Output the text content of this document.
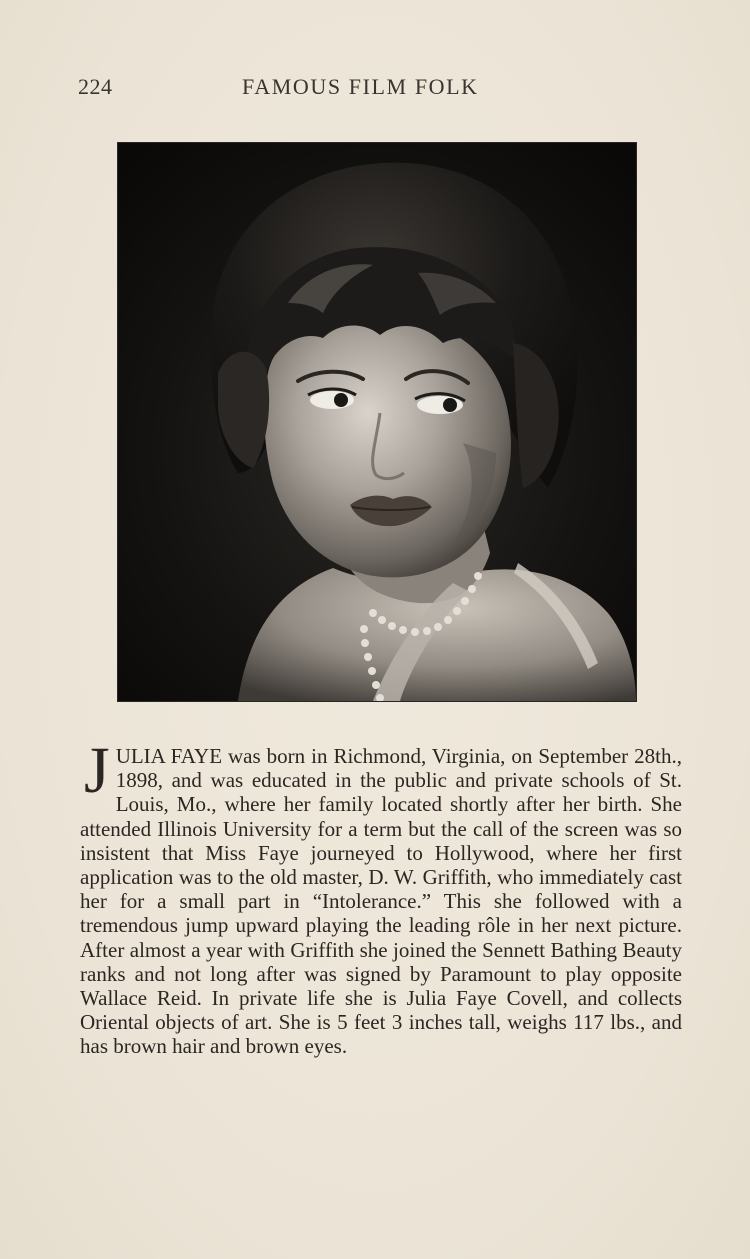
224	FAMOUS FILM FOLK
JULIA FAYE was born in Richmond, Virginia, on September 28th., 1898, and was educated in the public and private schools of St. Louis, Mo., where her family located shortly after her birth. She attended Illinois University for a term but the call of the screen was so insistent that Miss Faye journeyed to Hollywood, where her first application was to the old master, D. W. Griffith, who immediately cast her for a small part in “Intolerance.” This she followed with a tremendous jump upward playing the leading rôle in her next picture. After almost a year with Griffith she joined the Sennett Bathing Beauty ranks and not long after was signed by Paramount to play opposite Wallace Reid. In private life she is Julia Faye Covell, and collects Oriental objects of art. She is 5 feet 3 inches tall, weighs 117 lbs., and has brown hair and brown eyes.
